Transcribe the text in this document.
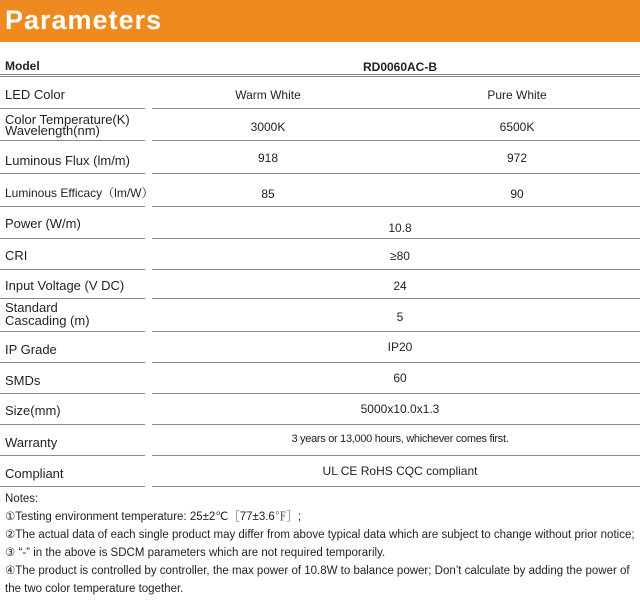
Parameters
Model	RD0060AC-B
LED Color	Warm White	Pure White
Color Temperature(K)
Wavelength(nm)	3000K	6500K
Luminous Flux (lm/m)	918	972
Luminous Efficacy（lm/W）	85	90
Power (W/m)	10.8
CRI	≥80
Input Voltage (V DC)	24
Standard
Cascading (m)	5
IP Grade	IP20
SMDs	60
Size(mm)	5000x10.0x1.3
Warranty	3 years or 13,000 hours, whichever comes first.
Compliant	UL CE RoHS CQC compliant
Notes:
①Testing environment temperature: 25±2℃［77±3.6℉］;
②The actual data of each single product may differ from above typical data which are subject to change without prior notice;
③ “-” in the above is SDCM parameters which are not required temporarily.
④The product is controlled by controller, the max power of 10.8W to balance power; Don’t calculate by adding the power of the two color temperature together.
